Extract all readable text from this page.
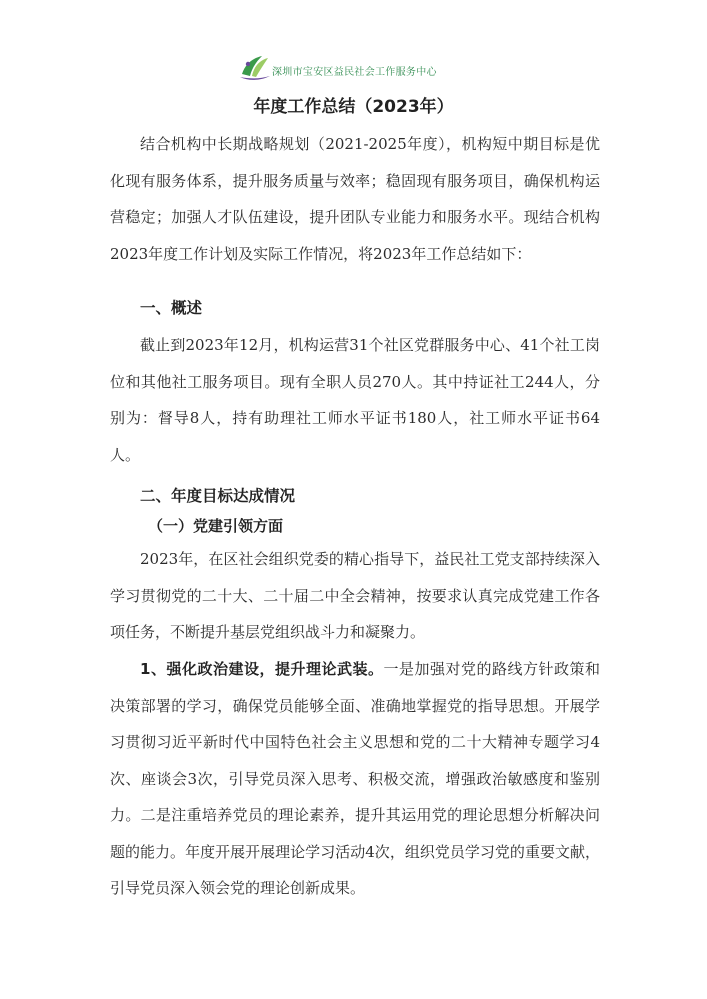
深圳市宝安区益民社会工作服务中心
年度工作总结（2023年）

结合机构中长期战略规划（2021-2025年度），机构短中期目标是优化现有服务体系，提升服务质量与效率；稳固现有服务项目，确保机构运营稳定；加强人才队伍建设，提升团队专业能力和服务水平。现结合机构2023年度工作计划及实际工作情况，将2023年工作总结如下：

一、概述

截止到2023年12月，机构运营31个社区党群服务中心、41个社工岗位和其他社工服务项目。现有全职人员270人。其中持证社工244人，分别为：督导8人，持有助理社工师水平证书180人，社工师水平证书64人。

二、年度目标达成情况
（一）党建引领方面

2023年，在区社会组织党委的精心指导下，益民社工党支部持续深入学习贯彻党的二十大、二十届二中全会精神，按要求认真完成党建工作各项任务，不断提升基层党组织战斗力和凝聚力。

1、强化政治建设，提升理论武装。一是加强对党的路线方针政策和决策部署的学习，确保党员能够全面、准确地掌握党的指导思想。开展学习贯彻习近平新时代中国特色社会主义思想和党的二十大精神专题学习4次、座谈会3次，引导党员深入思考、积极交流，增强政治敏感度和鉴别力。二是注重培养党员的理论素养，提升其运用党的理论思想分析解决问题的能力。年度开展开展理论学习活动4次，组织党员学习党的重要文献，引导党员深入领会党的理论创新成果。
